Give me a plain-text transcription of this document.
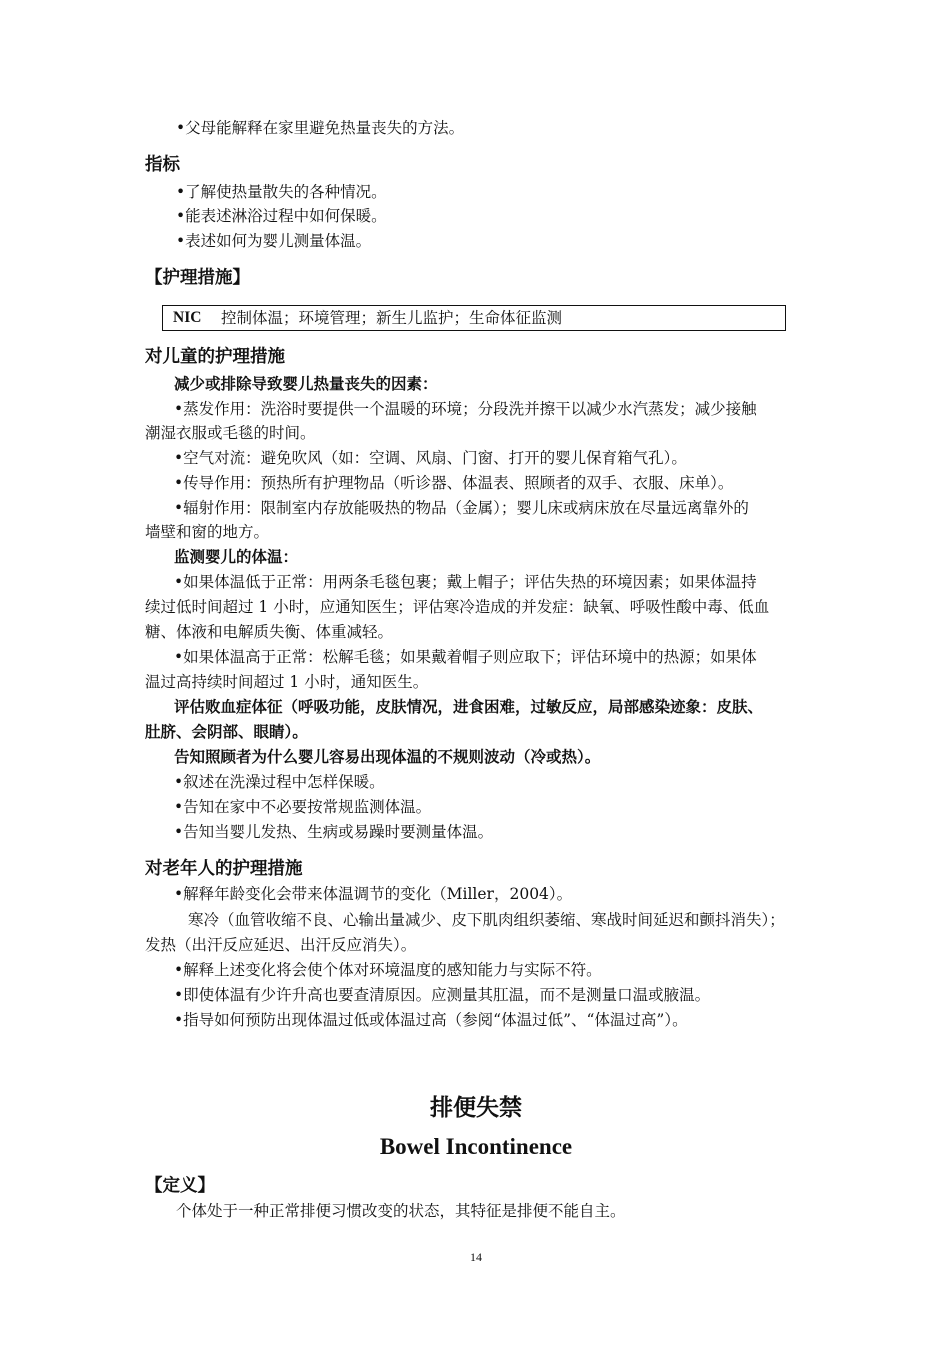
•父母能解释在家里避免热量丧失的方法。
指标
•了解使热量散失的各种情况。
•能表述淋浴过程中如何保暖。
•表述如何为婴儿测量体温。
【护理措施】
对儿童的护理措施
减少或排除导致婴儿热量丧失的因素：
•蒸发作用：洗浴时要提供一个温暖的环境；分段洗并擦干以减少水汽蒸发；减少接触
潮湿衣服或毛毯的时间。
•空气对流：避免吹风（如：空调、风扇、门窗、打开的婴儿保育箱气孔）。
•传导作用：预热所有护理物品（听诊器、体温表、照顾者的双手、衣服、床单）。
•辐射作用：限制室内存放能吸热的物品（金属）；婴儿床或病床放在尽量远离靠外的
墙壁和窗的地方。
监测婴儿的体温：
•如果体温低于正常：用两条毛毯包裹；戴上帽子；评估失热的环境因素；如果体温持
续过低时间超过 1 小时，应通知医生；评估寒冷造成的并发症：缺氧、呼吸性酸中毒、低血
糖、体液和电解质失衡、体重减轻。
•如果体温高于正常：松解毛毯；如果戴着帽子则应取下；评估环境中的热源；如果体
温过高持续时间超过 1 小时，通知医生。
评估败血症体征（呼吸功能，皮肤情况，进食困难，过敏反应，局部感染迹象：皮肤、
肚脐、会阴部、眼睛）。
告知照顾者为什么婴儿容易出现体温的不规则波动（冷或热）。
•叙述在洗澡过程中怎样保暖。
•告知在家中不必要按常规监测体温。
•告知当婴儿发热、生病或易躁时要测量体温。
对老年人的护理措施
•解释年龄变化会带来体温调节的变化（Miller，2004）。
寒冷（血管收缩不良、心输出量减少、皮下肌肉组织萎缩、寒战时间延迟和颤抖消失）；
发热（出汗反应延迟、出汗反应消失）。
•解释上述变化将会使个体对环境温度的感知能力与实际不符。
•即使体温有少许升高也要查清原因。应测量其肛温，而不是测量口温或腋温。
•指导如何预防出现体温过低或体温过高（参阅“体温过低”、“体温过高”）。
【定义】
个体处于一种正常排便习惯改变的状态，其特征是排便不能自主。
NIC 控制体温；环境管理；新生儿监护；生命体征监测
排便失禁
Bowel Incontinence
14
